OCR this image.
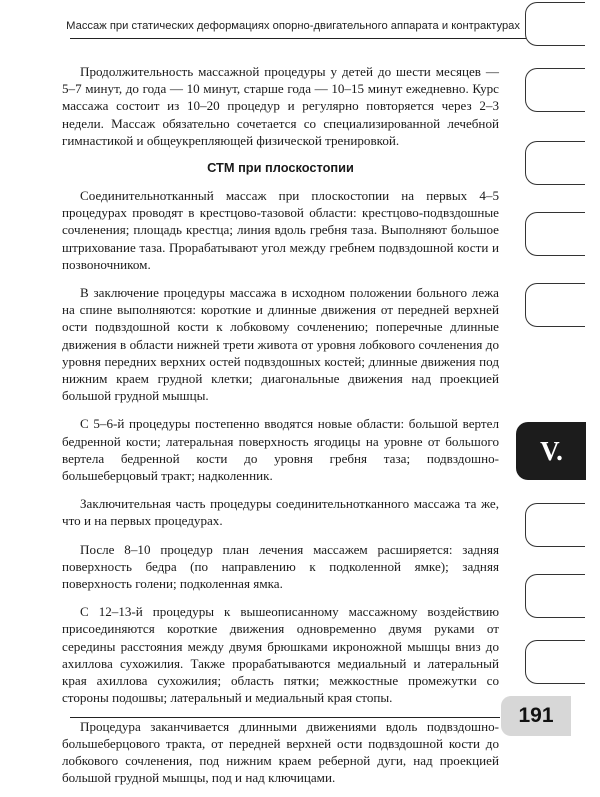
Массаж при статических деформациях опорно-двигательного аппарата и контрактурах

Продолжительность массажной процедуры у детей до шести месяцев — 5–7 минут, до года — 10 минут, старше года — 10–15 минут ежедневно. Курс массажа состоит из 10–20 процедур и регулярно повторяется через 2–3 недели. Массаж обязательно сочетается со специализированной лечебной гимнастикой и общеукрепляющей физической тренировкой.

СТМ при плоскостопии

Соединительнотканный массаж при плоскостопии на первых 4–5 процедурах проводят в крестцово-тазовой области: крестцово-подвздошные сочленения; площадь крестца; линия вдоль гребня таза. Выполняют большое штрихование таза. Прорабатывают угол между гребнем подвздошной кости и позвоночником.

В заключение процедуры массажа в исходном положении больного лежа на спине выполняются: короткие и длинные движения от передней верхней ости подвздошной кости к лобковому сочленению; поперечные длинные движения в области нижней трети живота от уровня лобкового сочленения до уровня передних верхних остей подвздошных костей; длинные движения под нижним краем грудной клетки; диагональные движения над проекцией большой грудной мышцы.

С 5–6-й процедуры постепенно вводятся новые области: большой вертел бедренной кости; латеральная поверхность ягодицы на уровне от большого вертела бедренной кости до уровня гребня таза; подвздошно-большеберцовый тракт; надколенник.

Заключительная часть процедуры соединительнотканного массажа та же, что и на первых процедурах.

После 8–10 процедур план лечения массажем расширяется: задняя поверхность бедра (по направлению к подколенной ямке); задняя поверхность голени; подколенная ямка.

С 12–13-й процедуры к вышеописанному массажному воздействию присоединяются короткие движения одновременно двумя руками от середины расстояния между двумя брюшками икроножной мышцы вниз до ахиллова сухожилия. Также прорабатываются медиальный и латеральный края ахиллова сухожилия; область пятки; межкостные промежутки со стороны подошвы; латеральный и медиальный края стопы.

Процедура заканчивается длинными движениями вдоль подвздошно-большеберцового тракта, от передней верхней ости подвздошной кости до лобкового сочленения, под нижним краем реберной дуги, над проекцией большой грудной мышцы, под и над ключицами.

V.
191
